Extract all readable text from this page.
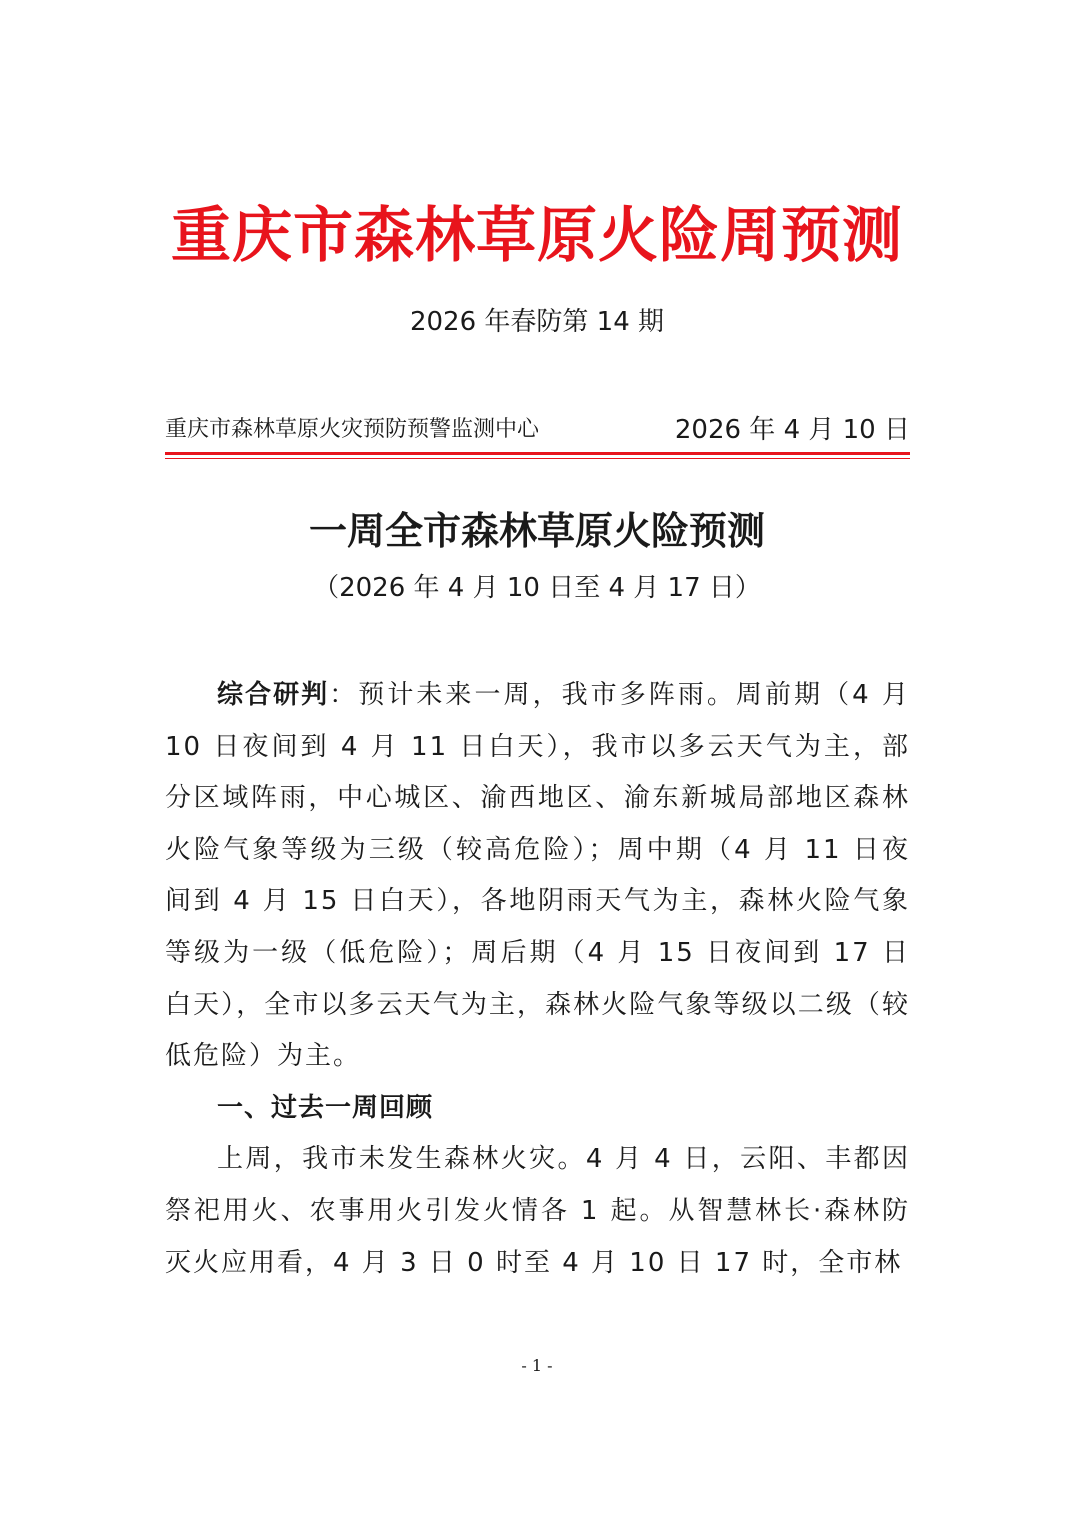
重庆市森林草原火险周预测
2026 年春防第 14 期
重庆市森林草原火灾预防预警监测中心	2026 年 4 月 10 日
一周全市森林草原火险预测
（2026 年 4 月 10 日至 4 月 17 日）

综合研判：预计未来一周，我市多阵雨。周前期（4 月 10 日夜间到 4 月 11 日白天），我市以多云天气为主，部分区域阵雨，中心城区、渝西地区、渝东新城局部地区森林火险气象等级为三级（较高危险）；周中期（4 月 11 日夜间到 4 月 15 日白天），各地阴雨天气为主，森林火险气象等级为一级（低危险）；周后期（4 月 15 日夜间到 17 日白天），全市以多云天气为主，森林火险气象等级以二级（较低危险）为主。

一、过去一周回顾

上周，我市未发生森林火灾。4 月 4 日，云阳、丰都因祭祀用火、农事用火引发火情各 1 起。从智慧林长·森林防灭火应用看，4 月 3 日 0 时至 4 月 10 日 17 时，全市林

- 1 -
